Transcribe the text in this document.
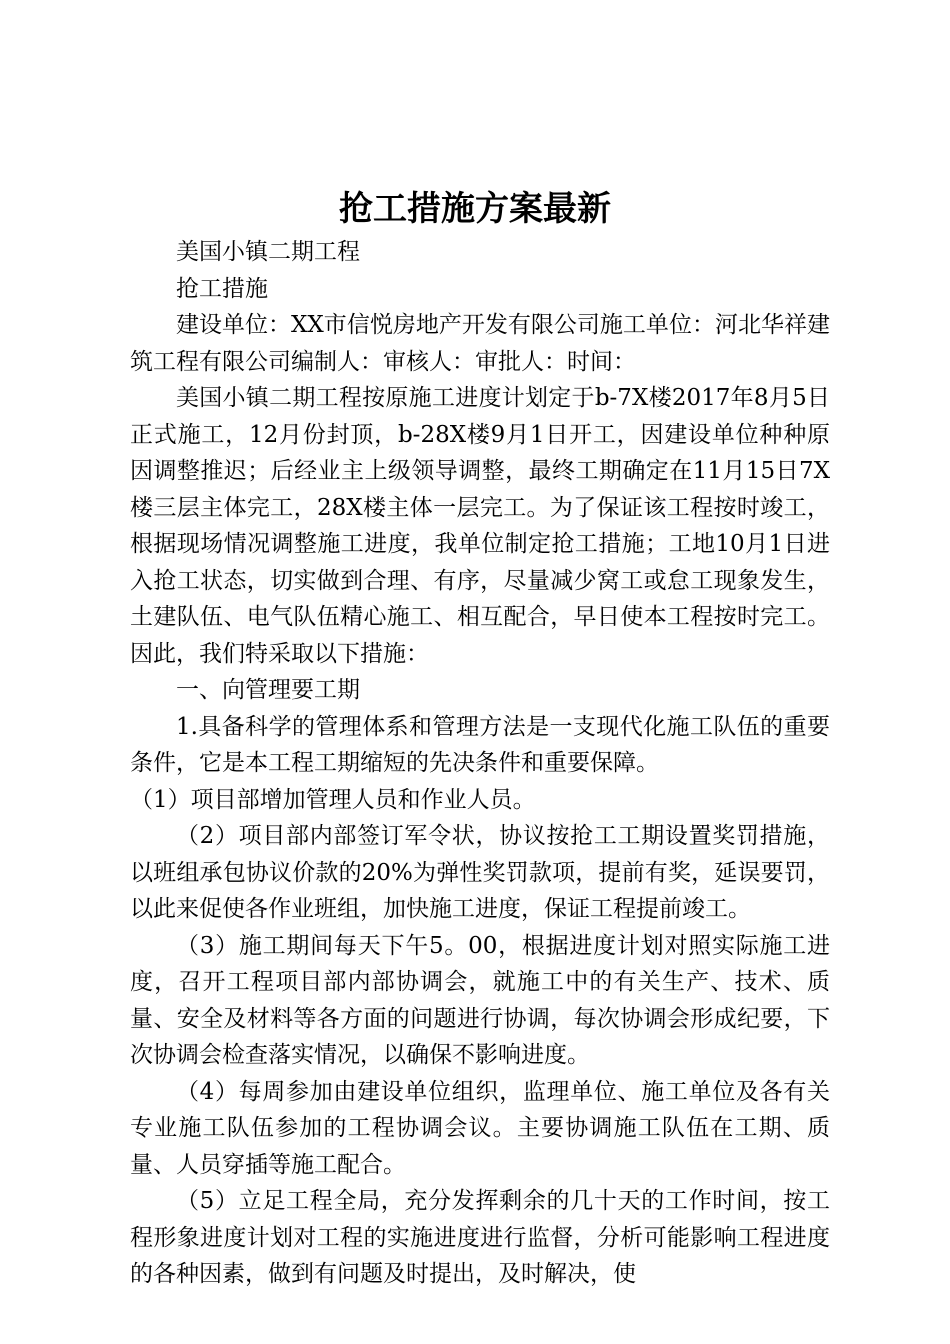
抢工措施方案最新

美国小镇二期工程

抢工措施

建设单位：XX市信悦房地产开发有限公司施工单位：河北华祥建筑工程有限公司编制人：审核人：审批人：时间：

美国小镇二期工程按原施工进度计划定于b-7X楼2017年8月5日正式施工，12月份封顶，b-28X楼9月1日开工，因建设单位种种原因调整推迟；后经业主上级领导调整，最终工期确定在11月15日7X楼三层主体完工，28X楼主体一层完工。为了保证该工程按时竣工，根据现场情况调整施工进度，我单位制定抢工措施；工地10月1日进入抢工状态，切实做到合理、有序，尽量减少窝工或怠工现象发生，土建队伍、电气队伍精心施工、相互配合，早日使本工程按时完工。因此，我们特采取以下措施：

一、向管理要工期

1.具备科学的管理体系和管理方法是一支现代化施工队伍的重要条件，它是本工程工期缩短的先决条件和重要保障。

（1）项目部增加管理人员和作业人员。

（2）项目部内部签订军令状，协议按抢工工期设置奖罚措施，以班组承包协议价款的20%为弹性奖罚款项，提前有奖，延误要罚，以此来促使各作业班组，加快施工进度，保证工程提前竣工。

（3）施工期间每天下午5。00，根据进度计划对照实际施工进度，召开工程项目部内部协调会，就施工中的有关生产、技术、质量、安全及材料等各方面的问题进行协调，每次协调会形成纪要，下次协调会检查落实情况，以确保不影响进度。

（4）每周参加由建设单位组织，监理单位、施工单位及各有关专业施工队伍参加的工程协调会议。主要协调施工队伍在工期、质量、人员穿插等施工配合。

（5）立足工程全局，充分发挥剩余的几十天的工作时间，按工程形象进度计划对工程的实施进度进行监督，分析可能影响工程进度的各种因素，做到有问题及时提出，及时解决，使
